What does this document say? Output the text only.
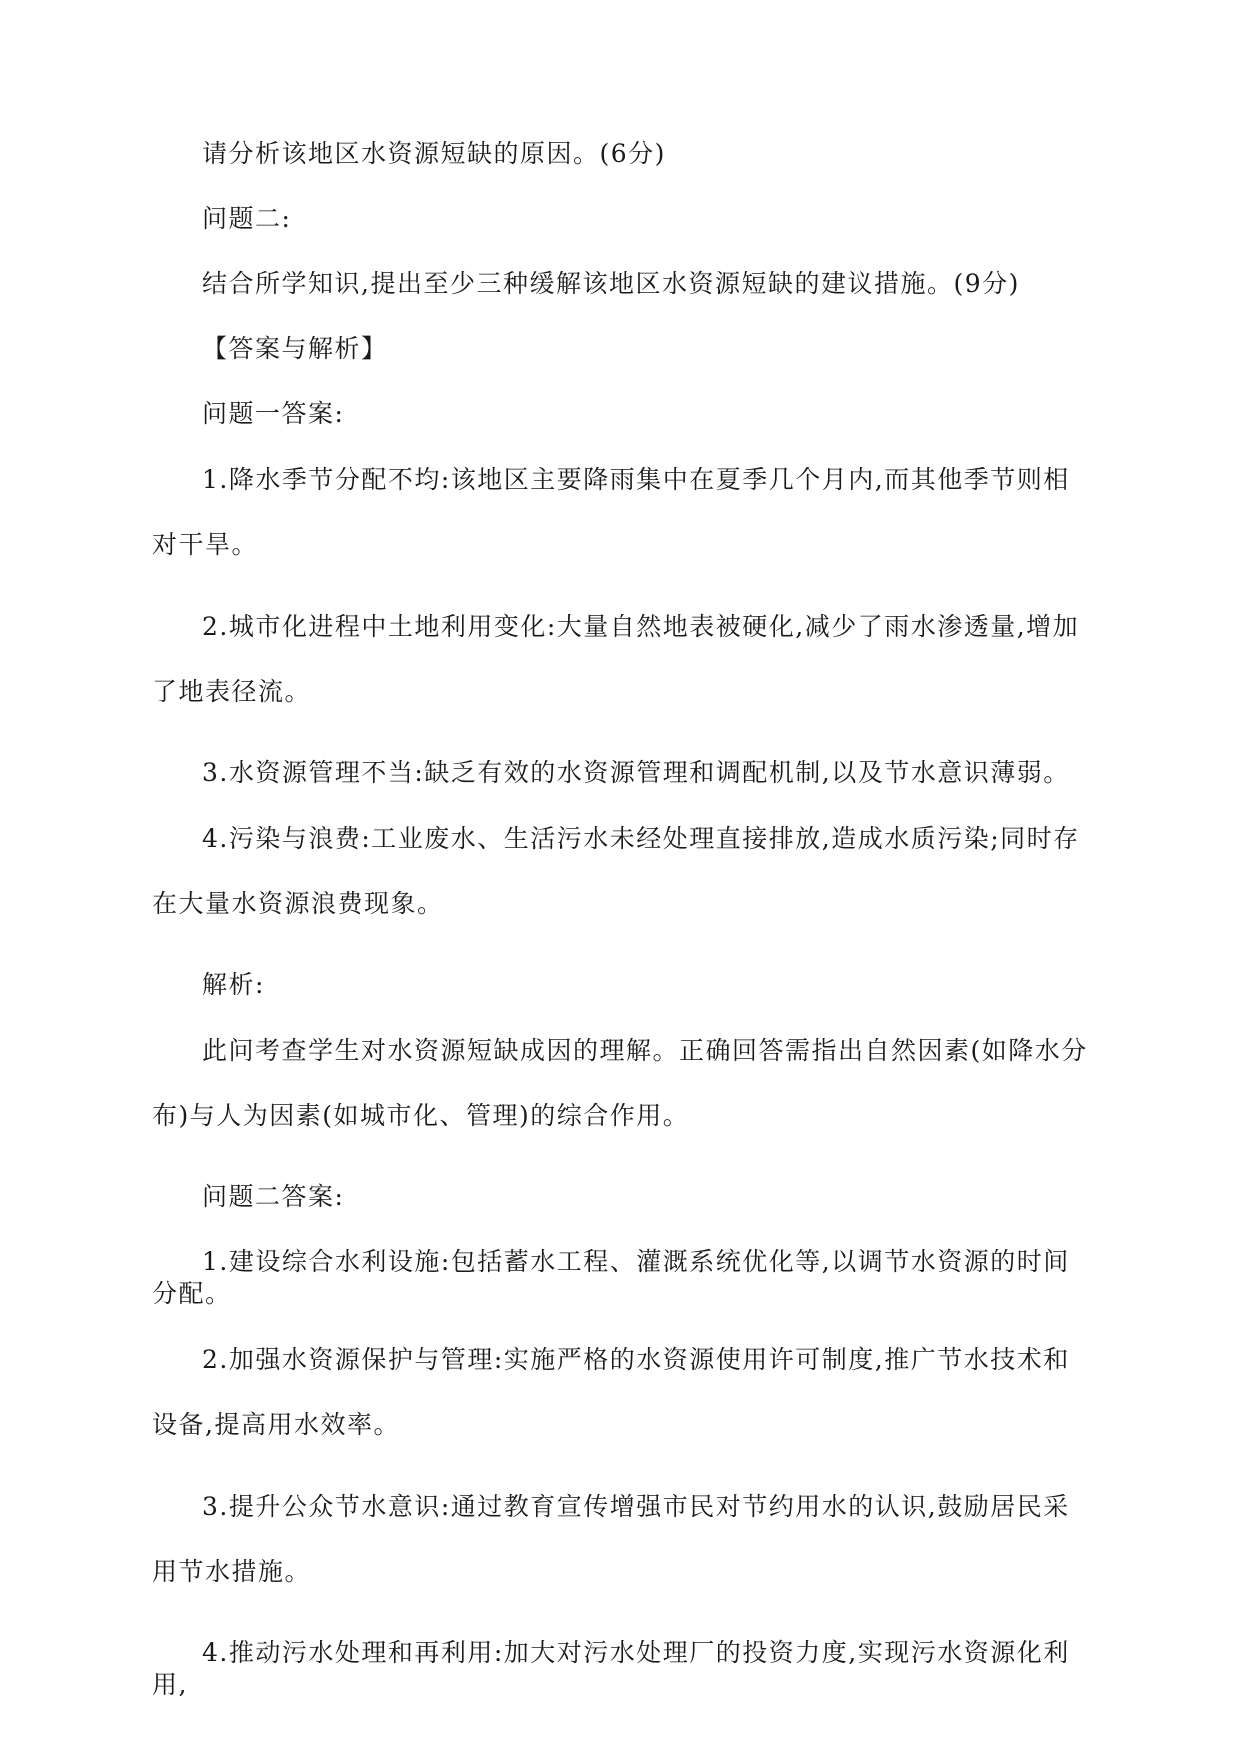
请分析该地区水资源短缺的原因。(6分)

问题二:

结合所学知识,提出至少三种缓解该地区水资源短缺的建议措施。(9分)

【答案与解析】

问题一答案:

1.降水季节分配不均:该地区主要降雨集中在夏季几个月内,而其他季节则相对干旱。

2.城市化进程中土地利用变化:大量自然地表被硬化,减少了雨水渗透量,增加了地表径流。

3.水资源管理不当:缺乏有效的水资源管理和调配机制,以及节水意识薄弱。

4.污染与浪费:工业废水、生活污水未经处理直接排放,造成水质污染;同时存在大量水资源浪费现象。

解析:

此问考查学生对水资源短缺成因的理解。正确回答需指出自然因素(如降水分布)与人为因素(如城市化、管理)的综合作用。

问题二答案:

1.建设综合水利设施:包括蓄水工程、灌溉系统优化等,以调节水资源的时间分配。

2.加强水资源保护与管理:实施严格的水资源使用许可制度,推广节水技术和设备,提高用水效率。

3.提升公众节水意识:通过教育宣传增强市民对节约用水的认识,鼓励居民采用节水措施。

4.推动污水处理和再利用:加大对污水处理厂的投资力度,实现污水资源化利用,
